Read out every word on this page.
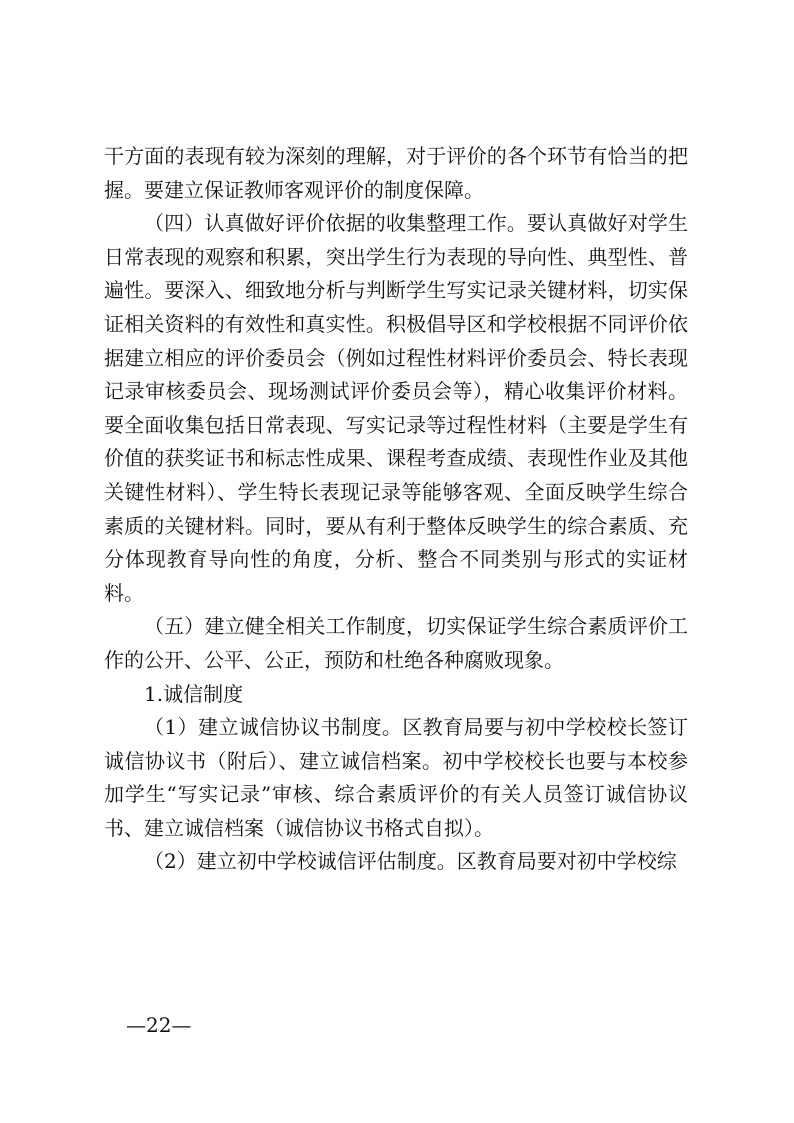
干方面的表现有较为深刻的理解，对于评价的各个环节有恰当的把握。要建立保证教师客观评价的制度保障。

（四）认真做好评价依据的收集整理工作。要认真做好对学生日常表现的观察和积累，突出学生行为表现的导向性、典型性、普遍性。要深入、细致地分析与判断学生写实记录关键材料，切实保证相关资料的有效性和真实性。积极倡导区和学校根据不同评价依据建立相应的评价委员会（例如过程性材料评价委员会、特长表现记录审核委员会、现场测试评价委员会等），精心收集评价材料。要全面收集包括日常表现、写实记录等过程性材料（主要是学生有价值的获奖证书和标志性成果、课程考查成绩、表现性作业及其他关键性材料）、学生特长表现记录等能够客观、全面反映学生综合素质的关键材料。同时，要从有利于整体反映学生的综合素质、充分体现教育导向性的角度，分析、整合不同类别与形式的实证材料。

（五）建立健全相关工作制度，切实保证学生综合素质评价工作的公开、公平、公正，预防和杜绝各种腐败现象。

1.诚信制度

（1）建立诚信协议书制度。区教育局要与初中学校校长签订诚信协议书（附后）、建立诚信档案。初中学校校长也要与本校参加学生“写实记录”审核、综合素质评价的有关人员签订诚信协议书、建立诚信档案（诚信协议书格式自拟）。

（2）建立初中学校诚信评估制度。区教育局要对初中学校综

—22—
